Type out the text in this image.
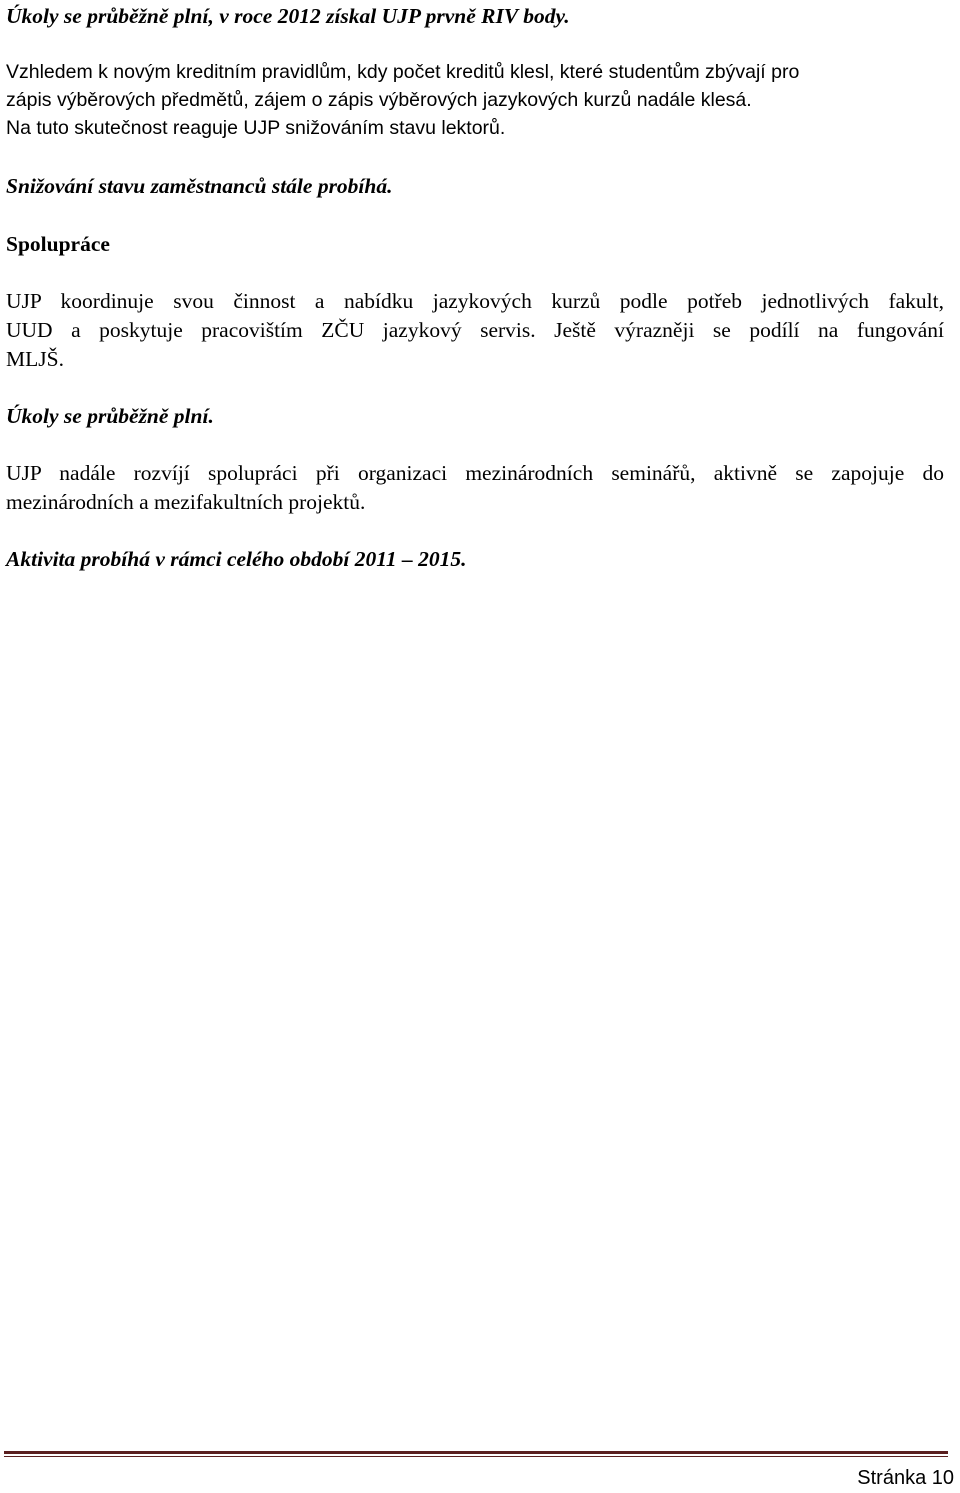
Úkoly se průběžně plní, v roce 2012 získal UJP prvně RIV body.
Vzhledem k novým kreditním pravidlům, kdy počet kreditů klesl, které studentům zbývají pro
zápis výběrových předmětů, zájem o zápis výběrových jazykových kurzů nadále klesá.
Na tuto skutečnost reaguje UJP snižováním stavu lektorů.
Snižování stavu zaměstnanců stále probíhá.
Spolupráce
UJP koordinuje svou činnost a nabídku jazykových kurzů podle potřeb jednotlivých fakult,
UUD a poskytuje pracovištím ZČU jazykový servis. Ještě výrazněji se podílí na fungování
MLJŠ.
Úkoly se průběžně plní.
UJP nadále rozvíjí spolupráci při organizaci mezinárodních seminářů, aktivně se zapojuje do
mezinárodních a mezifakultních projektů.
Aktivita probíhá v rámci celého období 2011 – 2015.
Stránka 10
